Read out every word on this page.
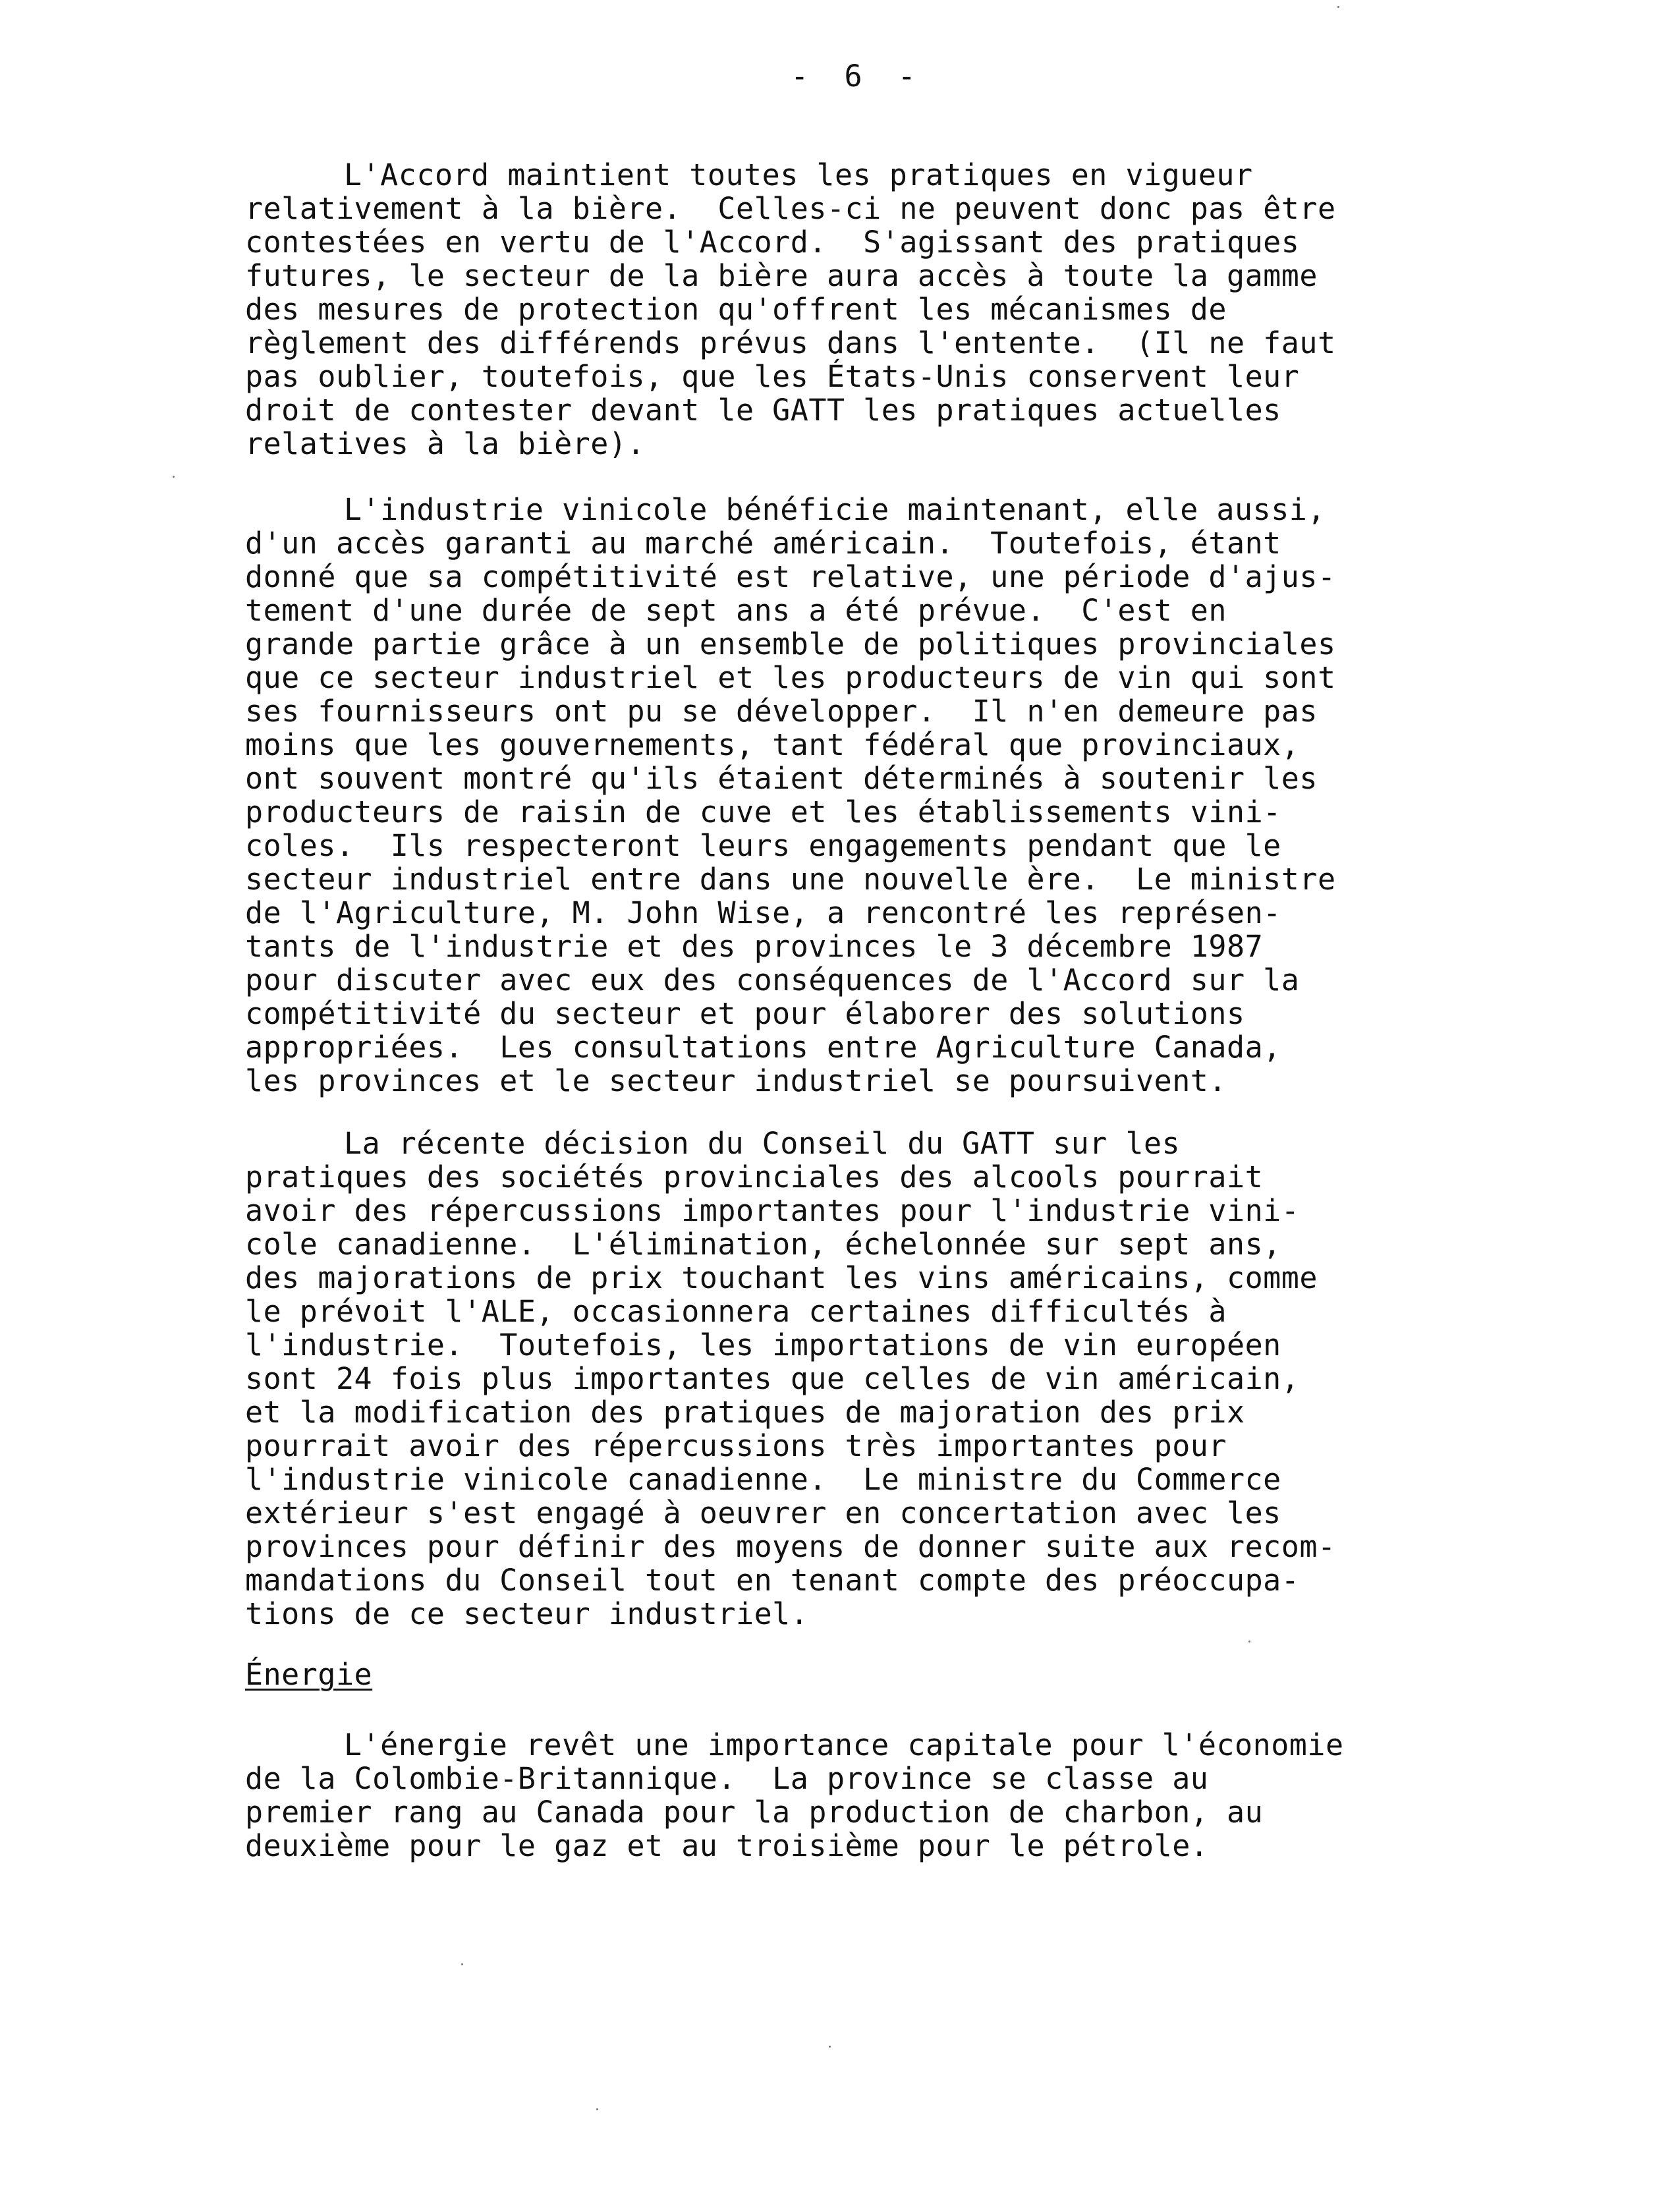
-  6  -
L'Accord maintient toutes les pratiques en vigueur
relativement à la bière.  Celles-ci ne peuvent donc pas être
contestées en vertu de l'Accord.  S'agissant des pratiques
futures, le secteur de la bière aura accès à toute la gamme
des mesures de protection qu'offrent les mécanismes de
règlement des différends prévus dans l'entente.  (Il ne faut
pas oublier, toutefois, que les États-Unis conservent leur
droit de contester devant le GATT les pratiques actuelles
relatives à la bière).
L'industrie vinicole bénéficie maintenant, elle aussi,
d'un accès garanti au marché américain.  Toutefois, étant
donné que sa compétitivité est relative, une période d'ajus-
tement d'une durée de sept ans a été prévue.  C'est en
grande partie grâce à un ensemble de politiques provinciales
que ce secteur industriel et les producteurs de vin qui sont
ses fournisseurs ont pu se développer.  Il n'en demeure pas
moins que les gouvernements, tant fédéral que provinciaux,
ont souvent montré qu'ils étaient déterminés à soutenir les
producteurs de raisin de cuve et les établissements vini-
coles.  Ils respecteront leurs engagements pendant que le
secteur industriel entre dans une nouvelle ère.  Le ministre
de l'Agriculture, M. John Wise, a rencontré les représen-
tants de l'industrie et des provinces le 3 décembre 1987
pour discuter avec eux des conséquences de l'Accord sur la
compétitivité du secteur et pour élaborer des solutions
appropriées.  Les consultations entre Agriculture Canada,
les provinces et le secteur industriel se poursuivent.
La récente décision du Conseil du GATT sur les
pratiques des sociétés provinciales des alcools pourrait
avoir des répercussions importantes pour l'industrie vini-
cole canadienne.  L'élimination, échelonnée sur sept ans,
des majorations de prix touchant les vins américains, comme
le prévoit l'ALE, occasionnera certaines difficultés à
l'industrie.  Toutefois, les importations de vin européen
sont 24 fois plus importantes que celles de vin américain,
et la modification des pratiques de majoration des prix
pourrait avoir des répercussions très importantes pour
l'industrie vinicole canadienne.  Le ministre du Commerce
extérieur s'est engagé à oeuvrer en concertation avec les
provinces pour définir des moyens de donner suite aux recom-
mandations du Conseil tout en tenant compte des préoccupa-
tions de ce secteur industriel.
Énergie
L'énergie revêt une importance capitale pour l'économie
de la Colombie-Britannique.  La province se classe au
premier rang au Canada pour la production de charbon, au
deuxième pour le gaz et au troisième pour le pétrole.
